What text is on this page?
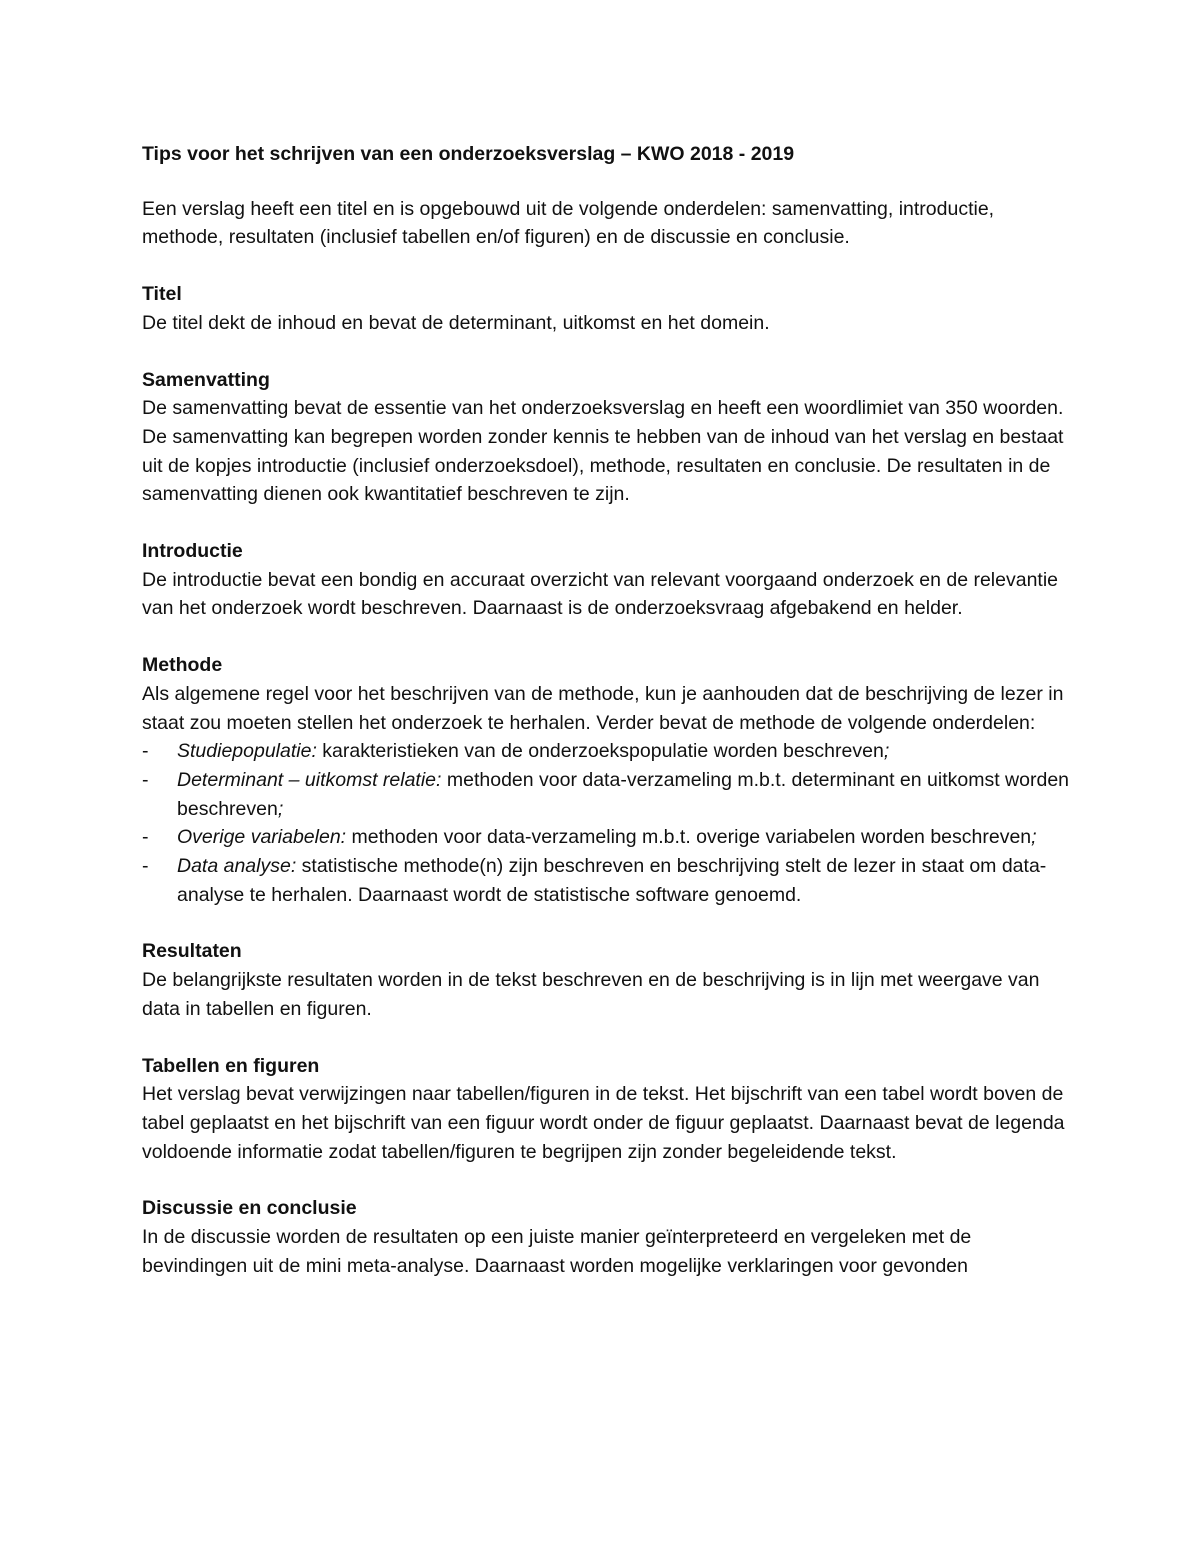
Tips voor het schrijven van een onderzoeksverslag – KWO 2018 - 2019

Een verslag heeft een titel en is opgebouwd uit de volgende onderdelen: samenvatting, introductie, methode, resultaten (inclusief tabellen en/of figuren) en de discussie en conclusie.

Titel

De titel dekt de inhoud en bevat de determinant, uitkomst en het domein.

Samenvatting

De samenvatting bevat de essentie van het onderzoeksverslag en heeft een woordlimiet van 350 woorden. De samenvatting kan begrepen worden zonder kennis te hebben van de inhoud van het verslag en bestaat uit de kopjes introductie (inclusief onderzoeksdoel), methode, resultaten en conclusie. De resultaten in de samenvatting dienen ook kwantitatief beschreven te zijn.

Introductie

De introductie bevat een bondig en accuraat overzicht van relevant voorgaand onderzoek en de relevantie van het onderzoek wordt beschreven. Daarnaast is de onderzoeksvraag afgebakend en helder.

Methode

Als algemene regel voor het beschrijven van de methode, kun je aanhouden dat de beschrijving de lezer in staat zou moeten stellen het onderzoek te herhalen. Verder bevat de methode de volgende onderdelen:

- Studiepopulatie: karakteristieken van de onderzoekspopulatie worden beschreven;
- Determinant – uitkomst relatie: methoden voor data-verzameling m.b.t. determinant en uitkomst worden beschreven;
- Overige variabelen: methoden voor data-verzameling m.b.t. overige variabelen worden beschreven;
- Data analyse: statistische methode(n) zijn beschreven en beschrijving stelt de lezer in staat om data-analyse te herhalen. Daarnaast wordt de statistische software genoemd.

Resultaten

De belangrijkste resultaten worden in de tekst beschreven en de beschrijving is in lijn met weergave van data in tabellen en figuren.

Tabellen en figuren

Het verslag bevat verwijzingen naar tabellen/figuren in de tekst. Het bijschrift van een tabel wordt boven de tabel geplaatst en het bijschrift van een figuur wordt onder de figuur geplaatst. Daarnaast bevat de legenda voldoende informatie zodat tabellen/figuren te begrijpen zijn zonder begeleidende tekst.

Discussie en conclusie

In de discussie worden de resultaten op een juiste manier geïnterpreteerd en vergeleken met de bevindingen uit de mini meta-analyse. Daarnaast worden mogelijke verklaringen voor gevonden
